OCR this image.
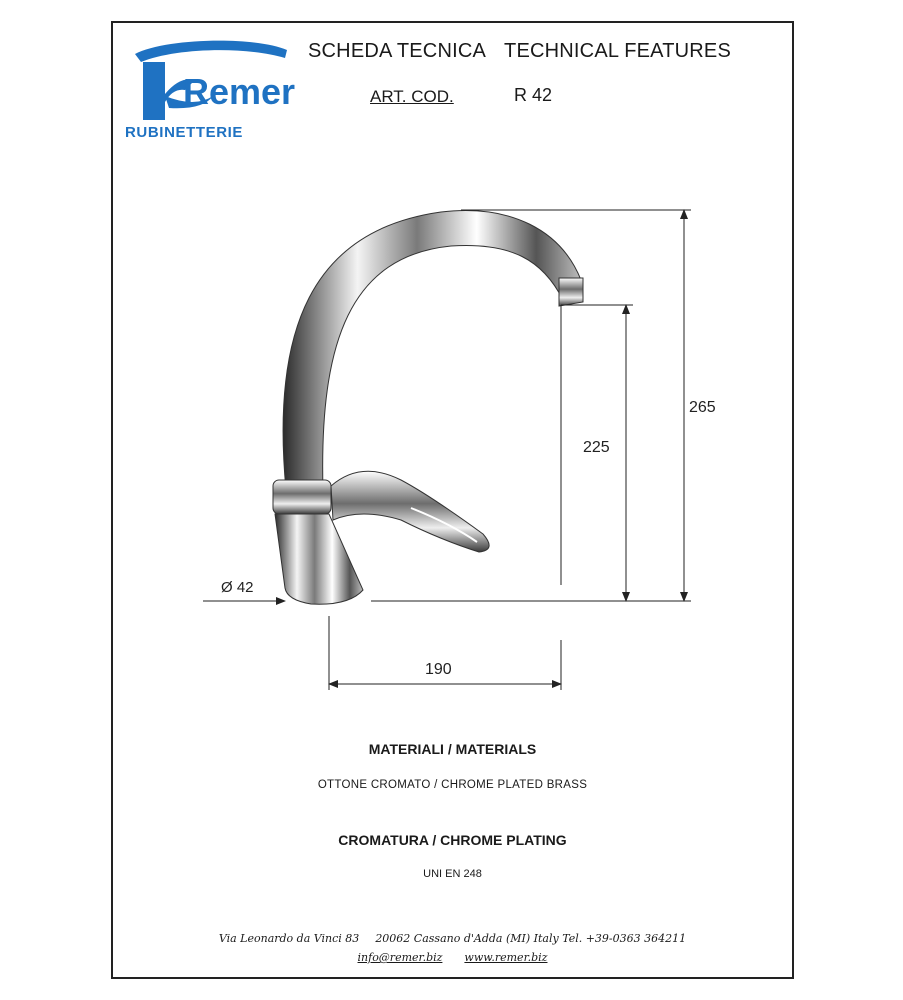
Remer
RUBINETTERIE
SCHEDA TECNICA TECHNICAL FEATURES
ART. COD.	R 42
265
225
190
Ø 42
MATERIALI / MATERIALS
OTTONE CROMATO / CHROME PLATED BRASS
CROMATURA / CHROME PLATING
UNI EN 248
Via Leonardo da Vinci 83 20062 Cassano d'Adda (MI) Italy Tel. +39-0363 364211
info@remer.biz www.remer.biz
